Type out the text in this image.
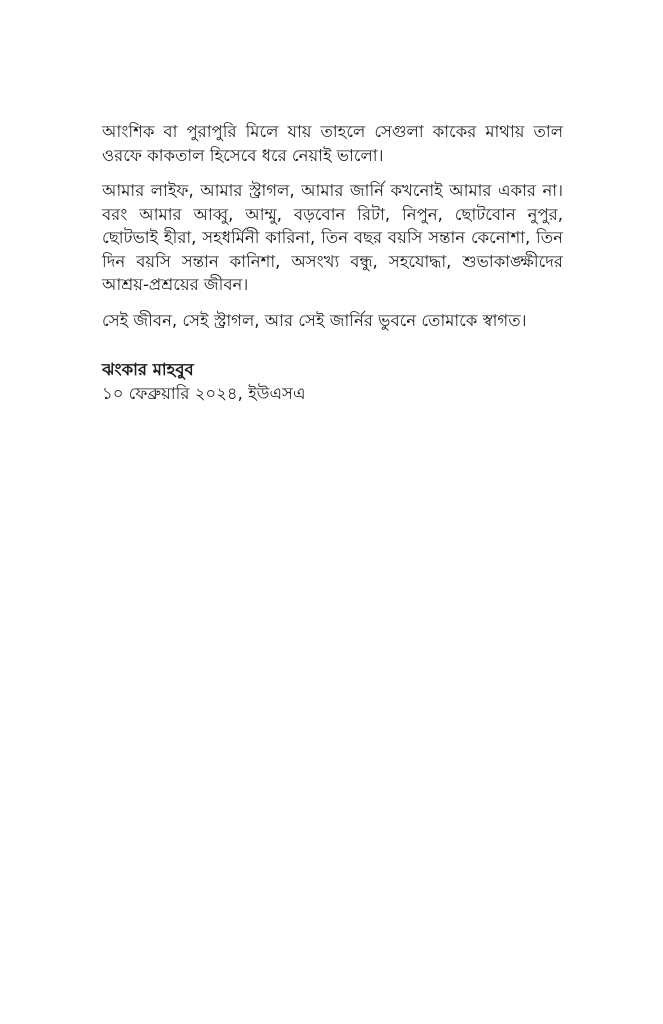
আংশিক বা পুরাপুরি মিলে যায় তাহলে সেগুলা কাকের মাথায় তাল ওরফে কাকতাল হিসেবে ধরে নেয়াই ভালো।

আমার লাইফ, আমার স্ট্রাগল, আমার জার্নি কখনোই আমার একার না। বরং আমার আব্বু, আম্মু, বড়বোন রিটা, নিপুন, ছোটবোন নুপুর, ছোটভাই হীরা, সহধর্মিনী কারিনা, তিন বছর বয়সি সন্তান কেনোশা, তিন দিন বয়সি সন্তান কানিশা, অসংখ্য বন্ধু, সহযোদ্ধা, শুভাকাঙ্ক্ষীদের আশ্রয়-প্রশ্রয়ের জীবন।

সেই জীবন, সেই স্ট্রাগল, আর সেই জার্নির ভুবনে তোমাকে স্বাগত।

ঝংকার মাহবুব
১০ ফেব্রুয়ারি ২০২৪, ইউএসএ
